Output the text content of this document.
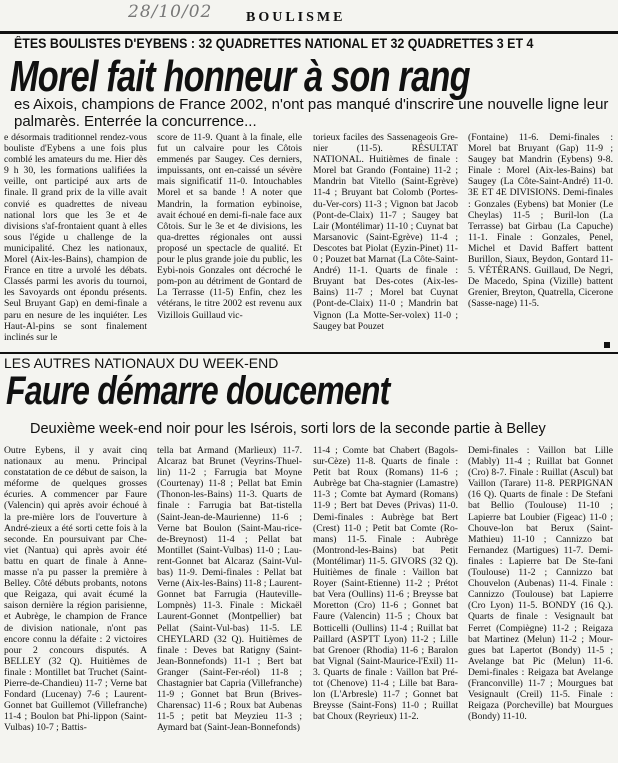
28/10/02 BOULISME
ÊTES BOULISTES D'EYBENS : 32 QUADRETTES NATIONAL ET 32 QUADRETTES 3 ET 4
Morel fait honneur à son rang
es Aixois, champions de France 2002, n'ont pas manqué d'inscrire une nouvelle ligne leur palmarès. Enterrée la concurrence...
e désormais traditionnel rendez-vous bouliste d'Eybens a une fois plus comblé les amateurs du me. Hier dès 9 h 30, les formations ualifiées la veille, ont participé aux arts de finale. Il grand prix de la ville avait convié es quadrettes de niveau national lors que les 3e et 4e divisions s'af-frontaient quant à elles sous l'égide u challenge de la municipalité. Chez les nationaux, Morel (Aix-les-Bains), champion de France en titre a urvolé les débats. Classés parmi les avoris du tournoi, les Savoyards ont épondu présents. Seul Bruyant Gap) en demi-finale a paru en nesure de les inquiéter. Les Haut-Al-pins se sont finalement inclinés sur le
score de 11-9. Quant à la finale, elle fut un calvaire pour les Côtois emmenés par Saugey. Ces derniers, impuissants, ont en-caissé un sévère mais significatif 11-0. Intouchables Morel et sa bande ! A noter que Mandrin, la formation eybinoise, avait échoué en demi-fi-nale face aux Côtois. Sur le 3e et 4e divisions, les qua-drettes régionales ont aussi proposé un spectacle de qualité. Et pour le plus grande joie du public, les Eybi-nois Gonzales ont décroché le pom-pon au détriment de Gontard de La Terrasse (11-5) Enfin, chez les vétérans, le titre 2002 est revenu aux Vizillois Guillaud vic-
torieux faciles des Sassenageois Gre-nier (11-5). RÉSULTAT NATIONAL. Huitièmes de finale : Morel bat Grando (Fontaine) 11-2 ; Mandrin bat Vitello (Saint-Egrève) 11-4 ; Bruyant bat Colomb (Portes-du-Ver-cors) 11-3 ; Vignon bat Jacob (Pont-de-Claix) 11-7 ; Saugey bat Lair (Montélimar) 11-10 ; Cuynat bat Marsanovic (Saint-Egrève) 11-4 ; Descotes bat Piolat (Eyzin-Pinet) 11-0 ; Pouzet bat Marnat (La Côte-Saint-André) 11-1. Quarts de finale : Bruyant bat Des-cotes (Aix-les-Bains) 11-7 ; Morel bat Cuynat (Pont-de-Claix) 11-0 ; Mandrin bat Vignon (La Motte-Ser-volex) 11-0 ; Saugey bat Pouzet
(Fontaine) 11-6. Demi-finales : Morel bat Bruyant (Gap) 11-9 ; Saugey bat Mandrin (Eybens) 9-8. Finale : Morel (Aix-les-Bains) bat Saugey (La Côte-Saint-André) 11-0. 3E ET 4E DIVISIONS. Demi-finales : Gonzales (Eybens) bat Monier (Le Cheylas) 11-5 ; Buril-lon (La Terrasse) bat Girbau (La Capuche) 11-1. Finale : Gonzales, Penel, Michel et David Baffert battent Burillon, Siaux, Beydon, Gontard 11-5. VÉTÉRANS. Guillaud, De Negri, De Macedo, Spina (Vizille) battent Grenier, Breyton, Quatrella, Cicerone (Sasse-nage) 11-5.
LES AUTRES NATIONAUX DU WEEK-END
Faure démarre doucement
Deuxième week-end noir pour les Isérois, sorti lors de la seconde partie à Belley
Outre Eybens, il y avait cinq nationaux au menu. Principal constatation de ce début de saison, la méforme de quelques grosses écuries. A commencer par Faure (Valencin) qui après avoir échoué à la pre-mière lors de l'ouverture à André-zieux a été sorti cette fois à la seconde. En poursuivant par Che-viet (Nantua) qui après avoir été battu en quart de finale à Anne-masse n'a pu passer la première à Belley. Côté débuts probants, notons que Reigaza, qui avait écumé la saison dernière la région parisienne, et Aubrège, le champion de France de division nationale, n'ont pas encore connu la défaite : 2 victoires pour 2 concours disputés. A BELLEY (32 Q). Huitièmes de finale : Montillet bat Truchet (Saint-Pierre-de-Chandieu) 11-7 ; Verne bat Fondard (Lucenay) 7-6 ; Laurent-Gonnet bat Guillemot (Villefranche) 11-4 ; Boulon bat Phi-lippon (Saint-Vulbas) 10-7 ; Battis-
tella bat Armand (Marlieux) 11-7. Alcaraz bat Brunet (Veyrins-Thuel-lin) 11-2 ; Farrugia bat Moyne (Courtenay) 11-8 ; Pellat bat Emin (Thonon-les-Bains) 11-3. Quarts de finale : Farrugia bat Bat-tistella (Saint-Jean-de-Maurienne) 11-6 ; Verne bat Boulon (Saint-Mau-rice-de-Breynost) 11-4 ; Pellat bat Montillet (Saint-Vulbas) 11-0 ; Lau-rent-Gonnet bat Alcaraz (Saint-Vul-bas) 11-9. Demi-finales : Pellat bat Verne (Aix-les-Bains) 11-8 ; Laurent-Gonnet bat Farrugia (Hauteville-Lompnès) 11-3. Finale : Mickaël Laurent-Gonnet (Montpellier) bat Pellat (Saint-Vul-bas) 11-5. LE CHEYLARD (32 Q). Huitièmes de finale : Deves bat Ratigny (Saint-Jean-Bonnefonds) 11-1 ; Bert bat Granger (Saint-Fer-réol) 11-8 ; Chastagnier bat Capria (Villefranche) 11-9 ; Gonnet bat Brun (Brives-Charensac) 11-6 ; Roux bat Aubenas 11-5 ; petit bat Meyzieu 11-3 ; Aymard bat (Saint-Jean-Bonnefonds)
11-4 ; Comte bat Chabert (Bagols-sur-Cèze) 11-8. Quarts de finale : Petit bat Roux (Romans) 11-6 ; Aubrège bat Cha-stagnier (Lamastre) 11-3 ; Comte bat Aymard (Romans) 11-9 ; Bert bat Deves (Privas) 11-0. Demi-finales : Aubrège bat Bert (Crest) 11-0 ; Petit bat Comte (Ro-mans) 11-5. Finale : Aubrège (Montrond-les-Bains) bat Petit (Montélimar) 11-5. GIVORS (32 Q). Huitièmes de finale : Vaillon bat Royer (Saint-Etienne) 11-2 ; Prétot bat Vera (Oullins) 11-6 ; Breysse bat Moretton (Cro) 11-6 ; Gonnet bat Faure (Valencin) 11-5 ; Choux bat Botticelli (Oullins) 11-4 ; Ruillat bat Paillard (ASPTT Lyon) 11-2 ; Lille bat Grenoer (Rhodia) 11-6 ; Baralon bat Vignal (Saint-Maurice-l'Exil) 11-3. Quarts de finale : Vaillon bat Pré-tot (Chenove) 11-4 ; Lille bat Bara-lon (L'Arbresle) 11-7 ; Gonnet bat Breysse (Saint-Fons) 11-0 ; Ruillat bat Choux (Reyrieux) 11-2.
Demi-finales : Vaillon bat Lille (Mably) 11-4 ; Ruillat bat Gonnet (Cro) 8-7. Finale : Ruillat (Ascul) bat Vaillon (Tarare) 11-8. PERPIGNAN (16 Q). Quarts de finale : De Stefani bat Bellio (Toulouse) 11-10 ; Lapierre bat Loubier (Figeac) 11-0 ; Chouve-lon bat Berux (Saint-Mathieu) 11-10 ; Cannizzo bat Fernandez (Martigues) 11-7. Demi-finales : Lapierre bat De Ste-fani (Toulouse) 11-2 ; Cannizzo bat Chouvelon (Aubenas) 11-4. Finale : Cannizzo (Toulouse) bat Lapierre (Cro Lyon) 11-5. BONDY (16 Q.). Quarts de finale : Vesignault bat Ferret (Compiègne) 11-2 ; Reigaza bat Martinez (Melun) 11-2 ; Mour-gues bat Lapertot (Bondy) 11-5 ; Avelange bat Pic (Melun) 11-6. Demi-finales : Reigaza bat Avelange (Franconville) 11-7 ; Mourgues bat Vesignault (Creil) 11-5. Finale : Reigaza (Porcheville) bat Mourgues (Bondy) 11-10.
